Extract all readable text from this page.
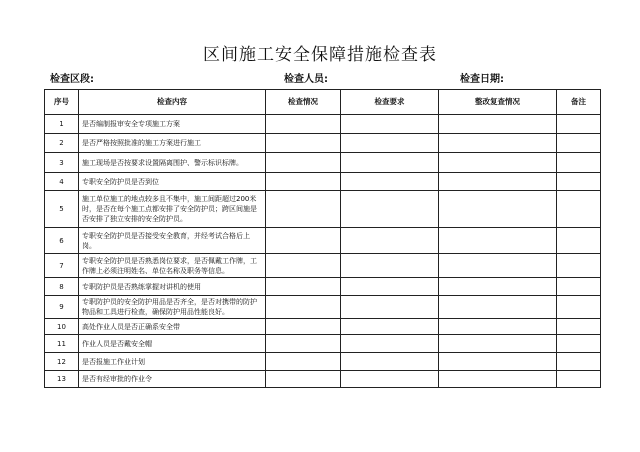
区间施工安全保障措施检查表
检查区段:	检查人员:	检查日期:
序号	检查内容	检查情况	检查要求	整改复查情况	备注
1	是否编制报审安全专项施工方案				
2	是否严格按照批准的施工方案进行施工				
3	施工现场是否按要求设置隔离围护、警示标识标牌。				
4	专职安全防护员是否到位				
5	施工单位施工的地点较多且不集中，施工间距超过200米时，是否在每个施工点都安排了安全防护员；跨区间施是否安排了独立安排的安全防护员。				
6	专职安全防护员是否接受安全教育，并经考试合格后上岗。				
7	专职安全防护员是否熟悉岗位要求，是否佩戴工作牌，工作牌上必须注明姓名、单位名称及职务等信息。				
8	专职防护员是否熟练掌握对讲机的使用				
9	专职防护员的安全防护用品是否齐全，是否对携带的防护物品和工具进行检查，确保防护用品性能良好。				
10	高处作业人员是否正确系安全带				
11	作业人员是否戴安全帽				
12	是否报施工作业计划				
13	是否有经审批的作业令				
